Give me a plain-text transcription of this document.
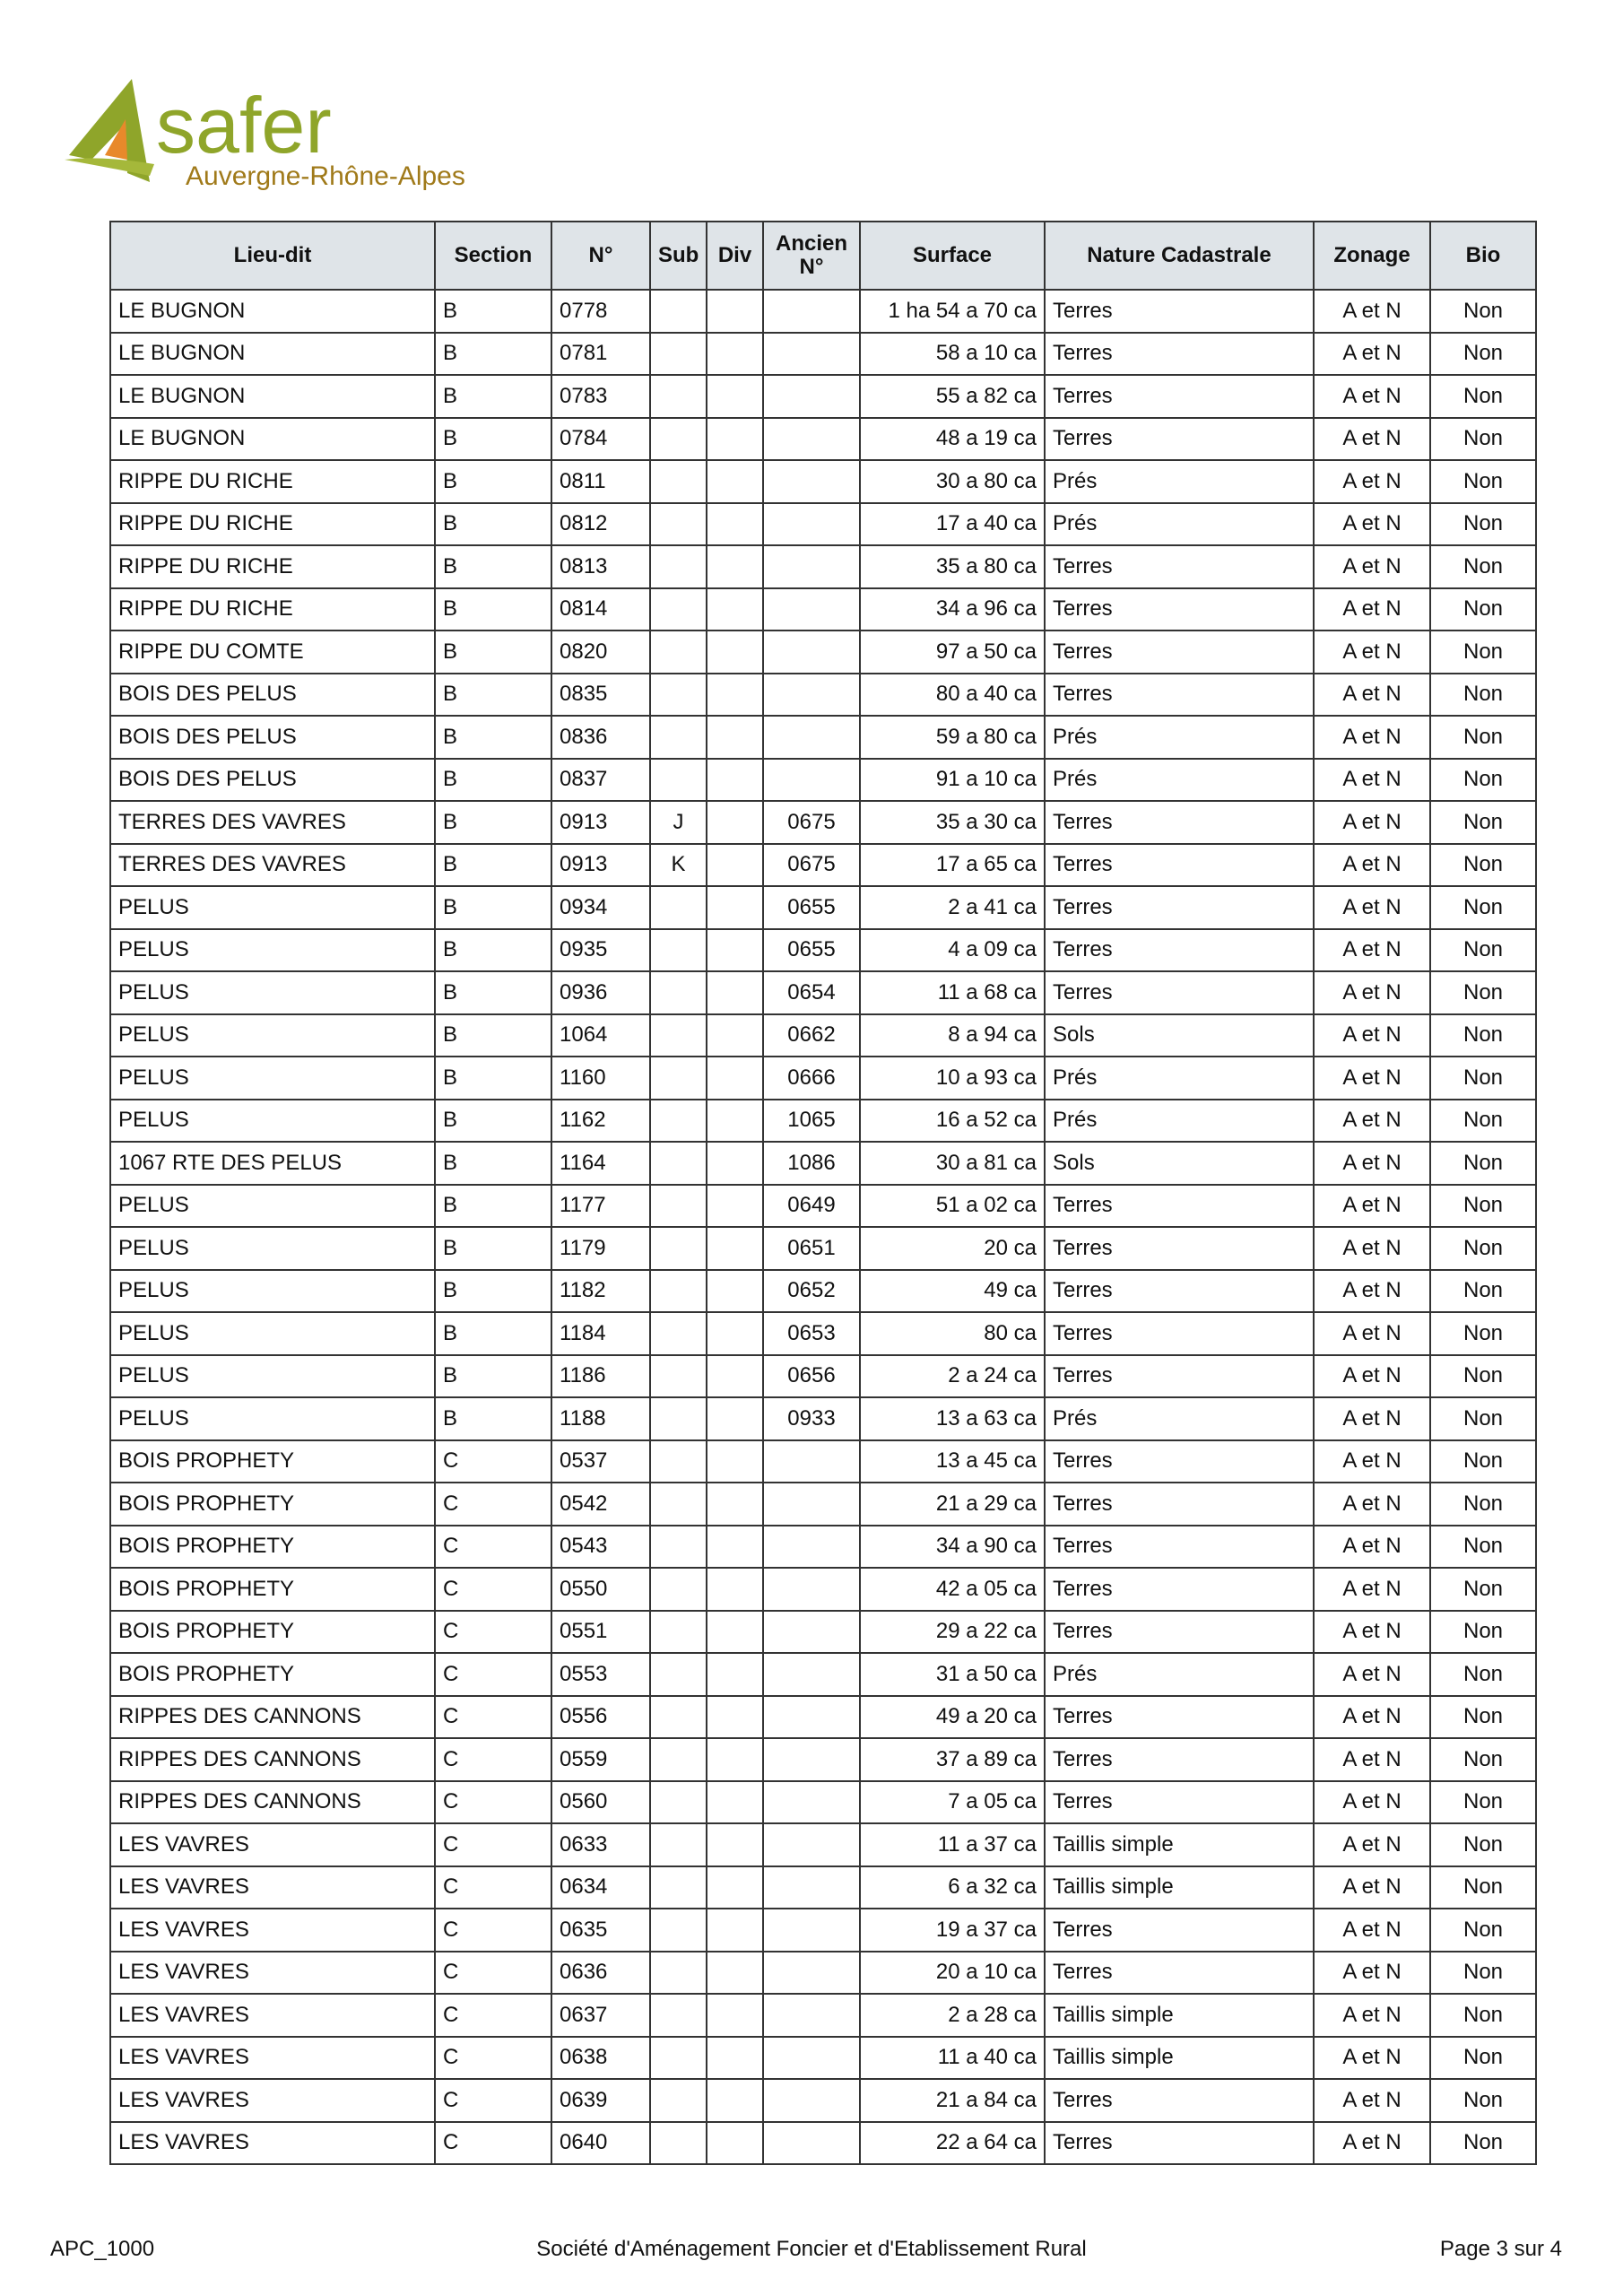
safer
Auvergne-Rhône-Alpes
Lieu-dit	Section	N°	Sub	Div	Ancien N°	Surface	Nature Cadastrale	Zonage	Bio
LE BUGNON	B	0778				1 ha 54 a 70 ca	Terres	A et N	Non
LE BUGNON	B	0781				58 a 10 ca	Terres	A et N	Non
LE BUGNON	B	0783				55 a 82 ca	Terres	A et N	Non
LE BUGNON	B	0784				48 a 19 ca	Terres	A et N	Non
RIPPE DU RICHE	B	0811				30 a 80 ca	Prés	A et N	Non
RIPPE DU RICHE	B	0812				17 a 40 ca	Prés	A et N	Non
RIPPE DU RICHE	B	0813				35 a 80 ca	Terres	A et N	Non
RIPPE DU RICHE	B	0814				34 a 96 ca	Terres	A et N	Non
RIPPE DU COMTE	B	0820				97 a 50 ca	Terres	A et N	Non
BOIS DES PELUS	B	0835				80 a 40 ca	Terres	A et N	Non
BOIS DES PELUS	B	0836				59 a 80 ca	Prés	A et N	Non
BOIS DES PELUS	B	0837				91 a 10 ca	Prés	A et N	Non
TERRES DES VAVRES	B	0913	J		0675	35 a 30 ca	Terres	A et N	Non
TERRES DES VAVRES	B	0913	K		0675	17 a 65 ca	Terres	A et N	Non
PELUS	B	0934			0655	2 a 41 ca	Terres	A et N	Non
PELUS	B	0935			0655	4 a 09 ca	Terres	A et N	Non
PELUS	B	0936			0654	11 a 68 ca	Terres	A et N	Non
PELUS	B	1064			0662	8 a 94 ca	Sols	A et N	Non
PELUS	B	1160			0666	10 a 93 ca	Prés	A et N	Non
PELUS	B	1162			1065	16 a 52 ca	Prés	A et N	Non
1067 RTE DES PELUS	B	1164			1086	30 a 81 ca	Sols	A et N	Non
PELUS	B	1177			0649	51 a 02 ca	Terres	A et N	Non
PELUS	B	1179			0651	20 ca	Terres	A et N	Non
PELUS	B	1182			0652	49 ca	Terres	A et N	Non
PELUS	B	1184			0653	80 ca	Terres	A et N	Non
PELUS	B	1186			0656	2 a 24 ca	Terres	A et N	Non
PELUS	B	1188			0933	13 a 63 ca	Prés	A et N	Non
BOIS PROPHETY	C	0537				13 a 45 ca	Terres	A et N	Non
BOIS PROPHETY	C	0542				21 a 29 ca	Terres	A et N	Non
BOIS PROPHETY	C	0543				34 a 90 ca	Terres	A et N	Non
BOIS PROPHETY	C	0550				42 a 05 ca	Terres	A et N	Non
BOIS PROPHETY	C	0551				29 a 22 ca	Terres	A et N	Non
BOIS PROPHETY	C	0553				31 a 50 ca	Prés	A et N	Non
RIPPES DES CANNONS	C	0556				49 a 20 ca	Terres	A et N	Non
RIPPES DES CANNONS	C	0559				37 a 89 ca	Terres	A et N	Non
RIPPES DES CANNONS	C	0560				7 a 05 ca	Terres	A et N	Non
LES VAVRES	C	0633				11 a 37 ca	Taillis simple	A et N	Non
LES VAVRES	C	0634				6 a 32 ca	Taillis simple	A et N	Non
LES VAVRES	C	0635				19 a 37 ca	Terres	A et N	Non
LES VAVRES	C	0636				20 a 10 ca	Terres	A et N	Non
LES VAVRES	C	0637				2 a 28 ca	Taillis simple	A et N	Non
LES VAVRES	C	0638				11 a 40 ca	Taillis simple	A et N	Non
LES VAVRES	C	0639				21 a 84 ca	Terres	A et N	Non
LES VAVRES	C	0640				22 a 64 ca	Terres	A et N	Non
APC_1000	Société d'Aménagement Foncier et d'Etablissement Rural	Page 3 sur 4
